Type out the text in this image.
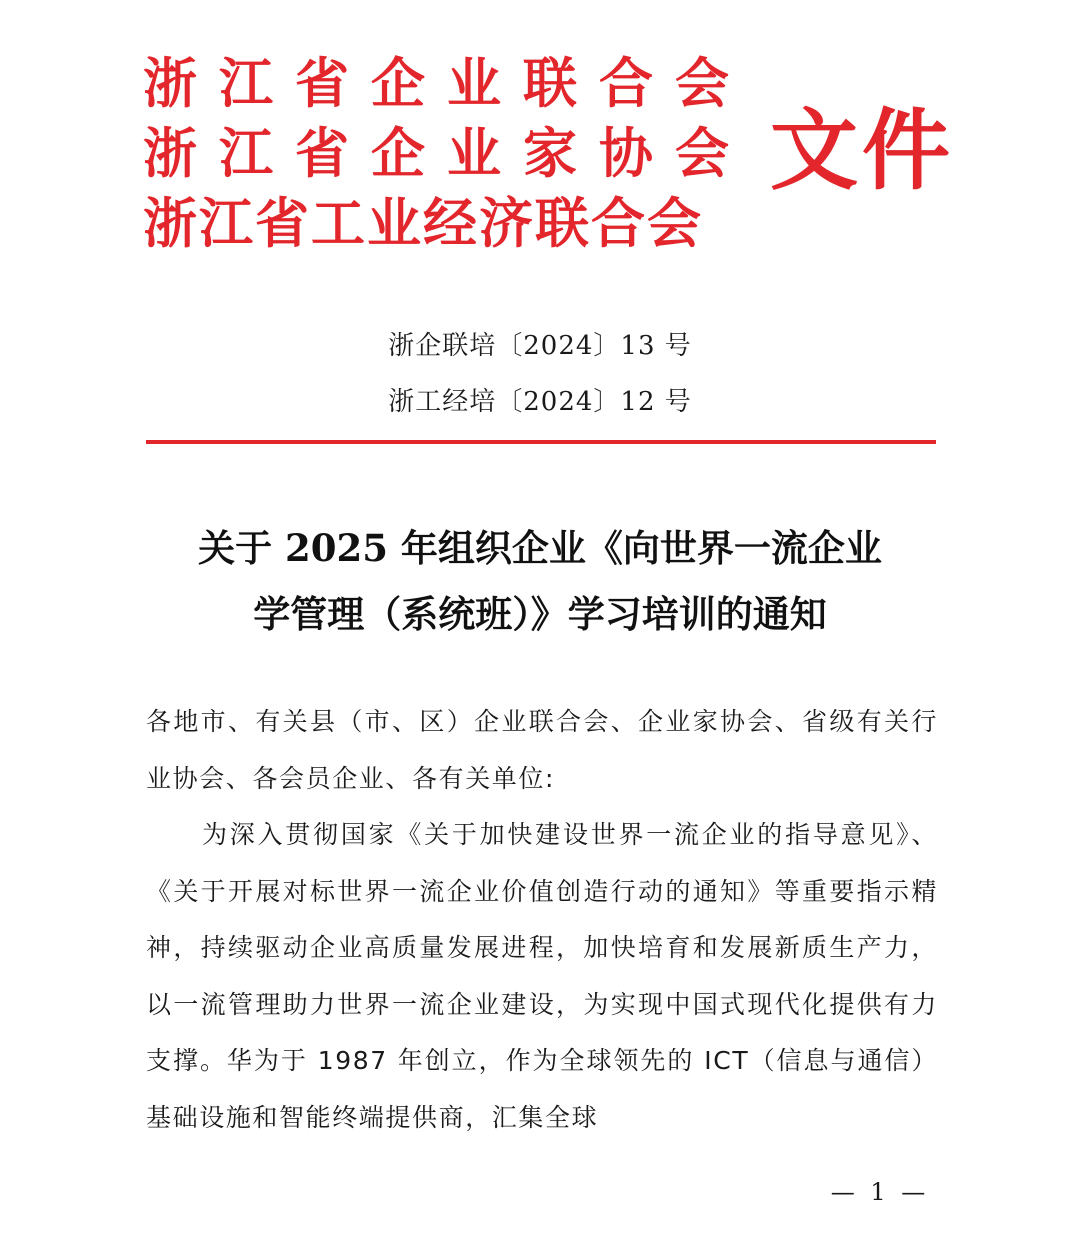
浙江省企业联合会
浙江省企业家协会
浙江省工业经济联合会
文件
浙企联培〔2024〕13 号
浙工经培〔2024〕12 号
关于 2025 年组织企业《向世界一流企业
学管理（系统班）》学习培训的通知

各地市、有关县（市、区）企业联合会、企业家协会、省级有关行业协会、各会员企业、各有关单位:

为深入贯彻国家《关于加快建设世界一流企业的指导意见》、《关于开展对标世界一流企业价值创造行动的通知》等重要指示精神，持续驱动企业高质量发展进程，加快培育和发展新质生产力，以一流管理助力世界一流企业建设，为实现中国式现代化提供有力支撑。华为于 1987 年创立，作为全球领先的 ICT（信息与通信）基础设施和智能终端提供商，汇集全球

— 1 —
